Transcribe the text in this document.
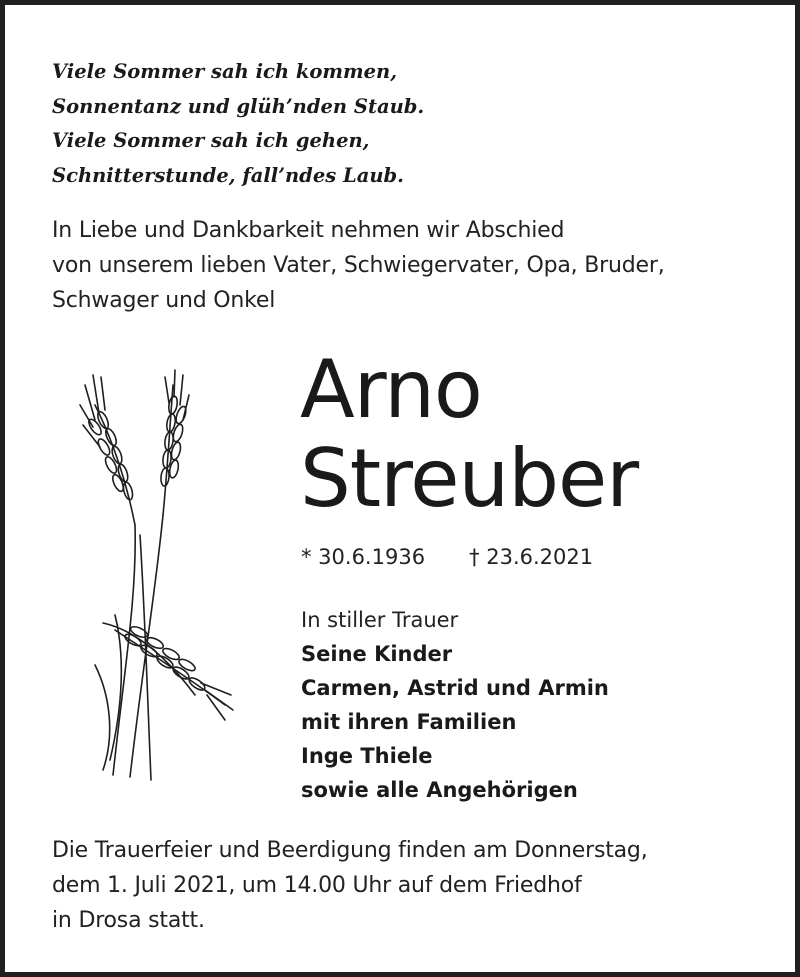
Viele Sommer sah ich kommen,
Sonnentanz und glüh’nden Staub.
Viele Sommer sah ich gehen,
Schnitterstunde, fall’ndes Laub.

In Liebe und Dankbarkeit nehmen wir Abschied
von unserem lieben Vater, Schwiegervater, Opa, Bruder,
Schwager und Onkel

Arno
Streuber
* 30.6.1936 † 23.6.2021
In stiller Trauer
Seine Kinder
Carmen, Astrid und Armin
mit ihren Familien
Inge Thiele
sowie alle Angehörigen

Die Trauerfeier und Beerdigung finden am Donnerstag,
dem 1. Juli 2021, um 14.00 Uhr auf dem Friedhof
in Drosa statt.
